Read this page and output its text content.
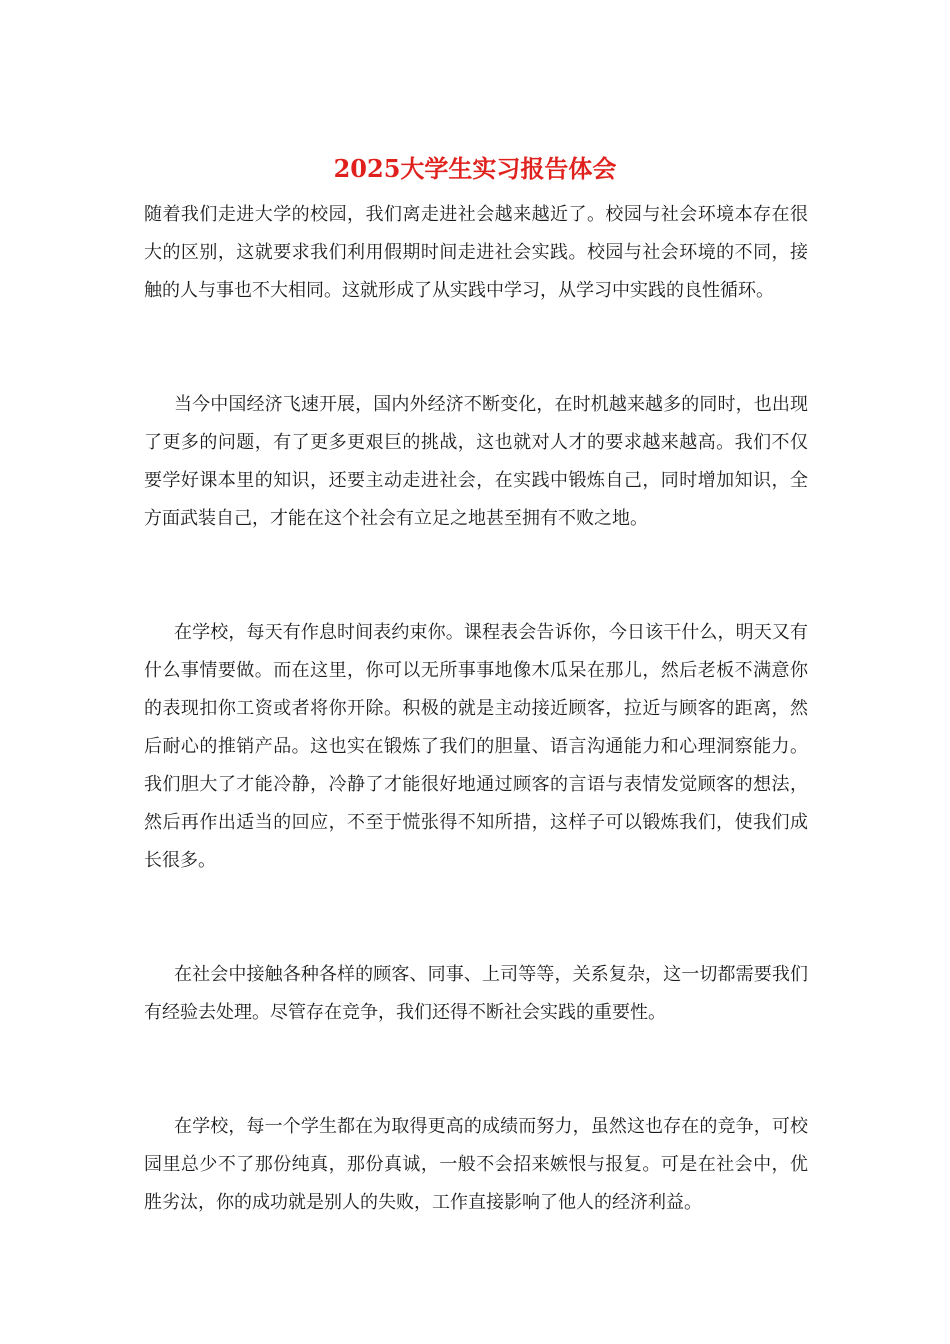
2025大学生实习报告体会

随着我们走进大学的校园，我们离走进社会越来越近了。校园与社会环境本存在很大的区别，这就要求我们利用假期时间走进社会实践。校园与社会环境的不同，接触的人与事也不大相同。这就形成了从实践中学习，从学习中实践的良性循环。

当今中国经济飞速开展，国内外经济不断变化，在时机越来越多的同时，也出现了更多的问题，有了更多更艰巨的挑战，这也就对人才的要求越来越高。我们不仅要学好课本里的知识，还要主动走进社会，在实践中锻炼自己，同时增加知识，全方面武装自己，才能在这个社会有立足之地甚至拥有不败之地。

在学校，每天有作息时间表约束你。课程表会告诉你，今日该干什么，明天又有什么事情要做。而在这里，你可以无所事事地像木瓜呆在那儿，然后老板不满意你的表现扣你工资或者将你开除。积极的就是主动接近顾客，拉近与顾客的距离，然后耐心的推销产品。这也实在锻炼了我们的胆量、语言沟通能力和心理洞察能力。我们胆大了才能冷静，冷静了才能很好地通过顾客的言语与表情发觉顾客的想法，然后再作出适当的回应，不至于慌张得不知所措，这样子可以锻炼我们，使我们成长很多。

在社会中接触各种各样的顾客、同事、上司等等，关系复杂，这一切都需要我们有经验去处理。尽管存在竞争，我们还得不断社会实践的重要性。

在学校，每一个学生都在为取得更高的成绩而努力，虽然这也存在的竞争，可校园里总少不了那份纯真，那份真诚，一般不会招来嫉恨与报复。可是在社会中，优胜劣汰，你的成功就是别人的失败，工作直接影响了他人的经济利益。
